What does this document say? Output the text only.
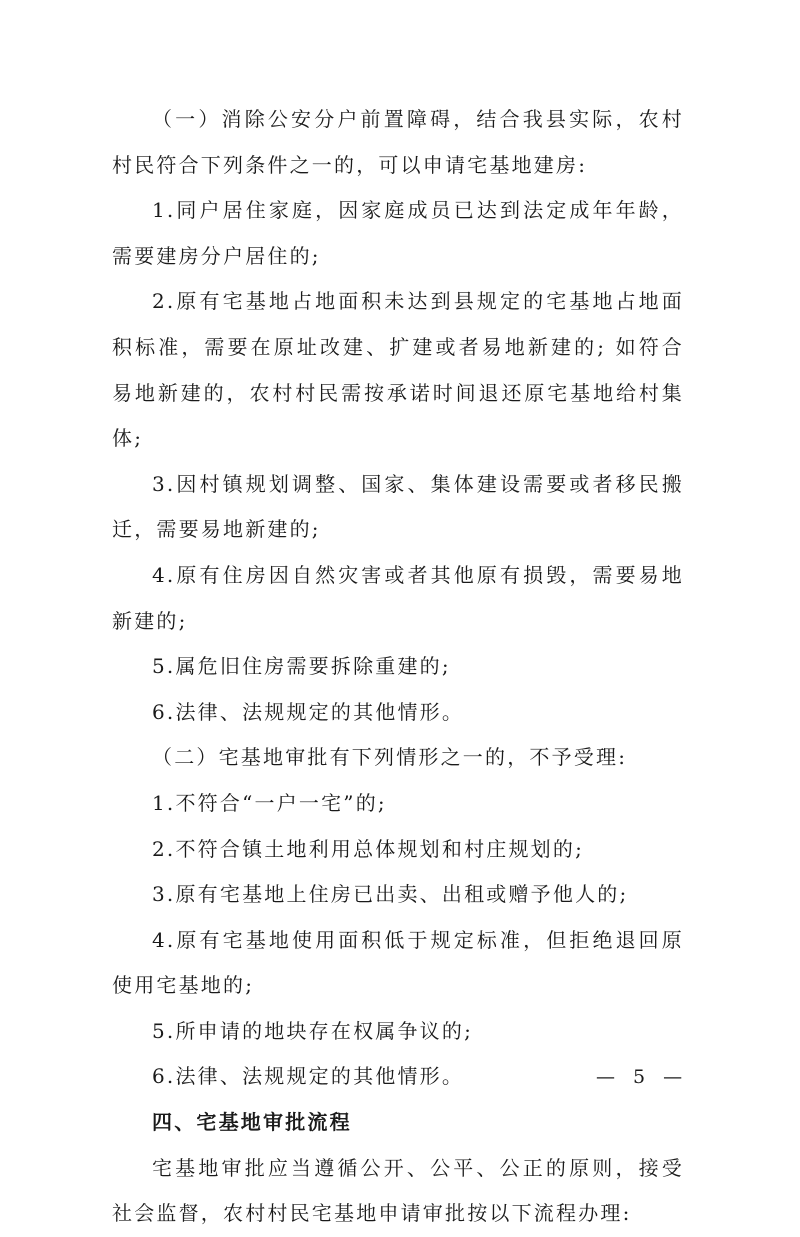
（一）消除公安分户前置障碍，结合我县实际，农村村民符合下列条件之一的，可以申请宅基地建房:

1.同户居住家庭，因家庭成员已达到法定成年年龄，需要建房分户居住的;

2.原有宅基地占地面积未达到县规定的宅基地占地面积标准，需要在原址改建、扩建或者易地新建的; 如符合易地新建的，农村村民需按承诺时间退还原宅基地给村集体;

3.因村镇规划调整、国家、集体建设需要或者移民搬迁，需要易地新建的;

4.原有住房因自然灾害或者其他原有损毁，需要易地新建的;

5.属危旧住房需要拆除重建的;

6.法律、法规规定的其他情形。

（二）宅基地审批有下列情形之一的，不予受理:

1.不符合“一户一宅”的;

2.不符合镇土地利用总体规划和村庄规划的;

3.原有宅基地上住房已出卖、出租或赠予他人的;

4.原有宅基地使用面积低于规定标准，但拒绝退回原使用宅基地的;

5.所申请的地块存在权属争议的;

6.法律、法规规定的其他情形。

四、宅基地审批流程

宅基地审批应当遵循公开、公平、公正的原则，接受社会监督，农村村民宅基地申请审批按以下流程办理:

— 5 —
